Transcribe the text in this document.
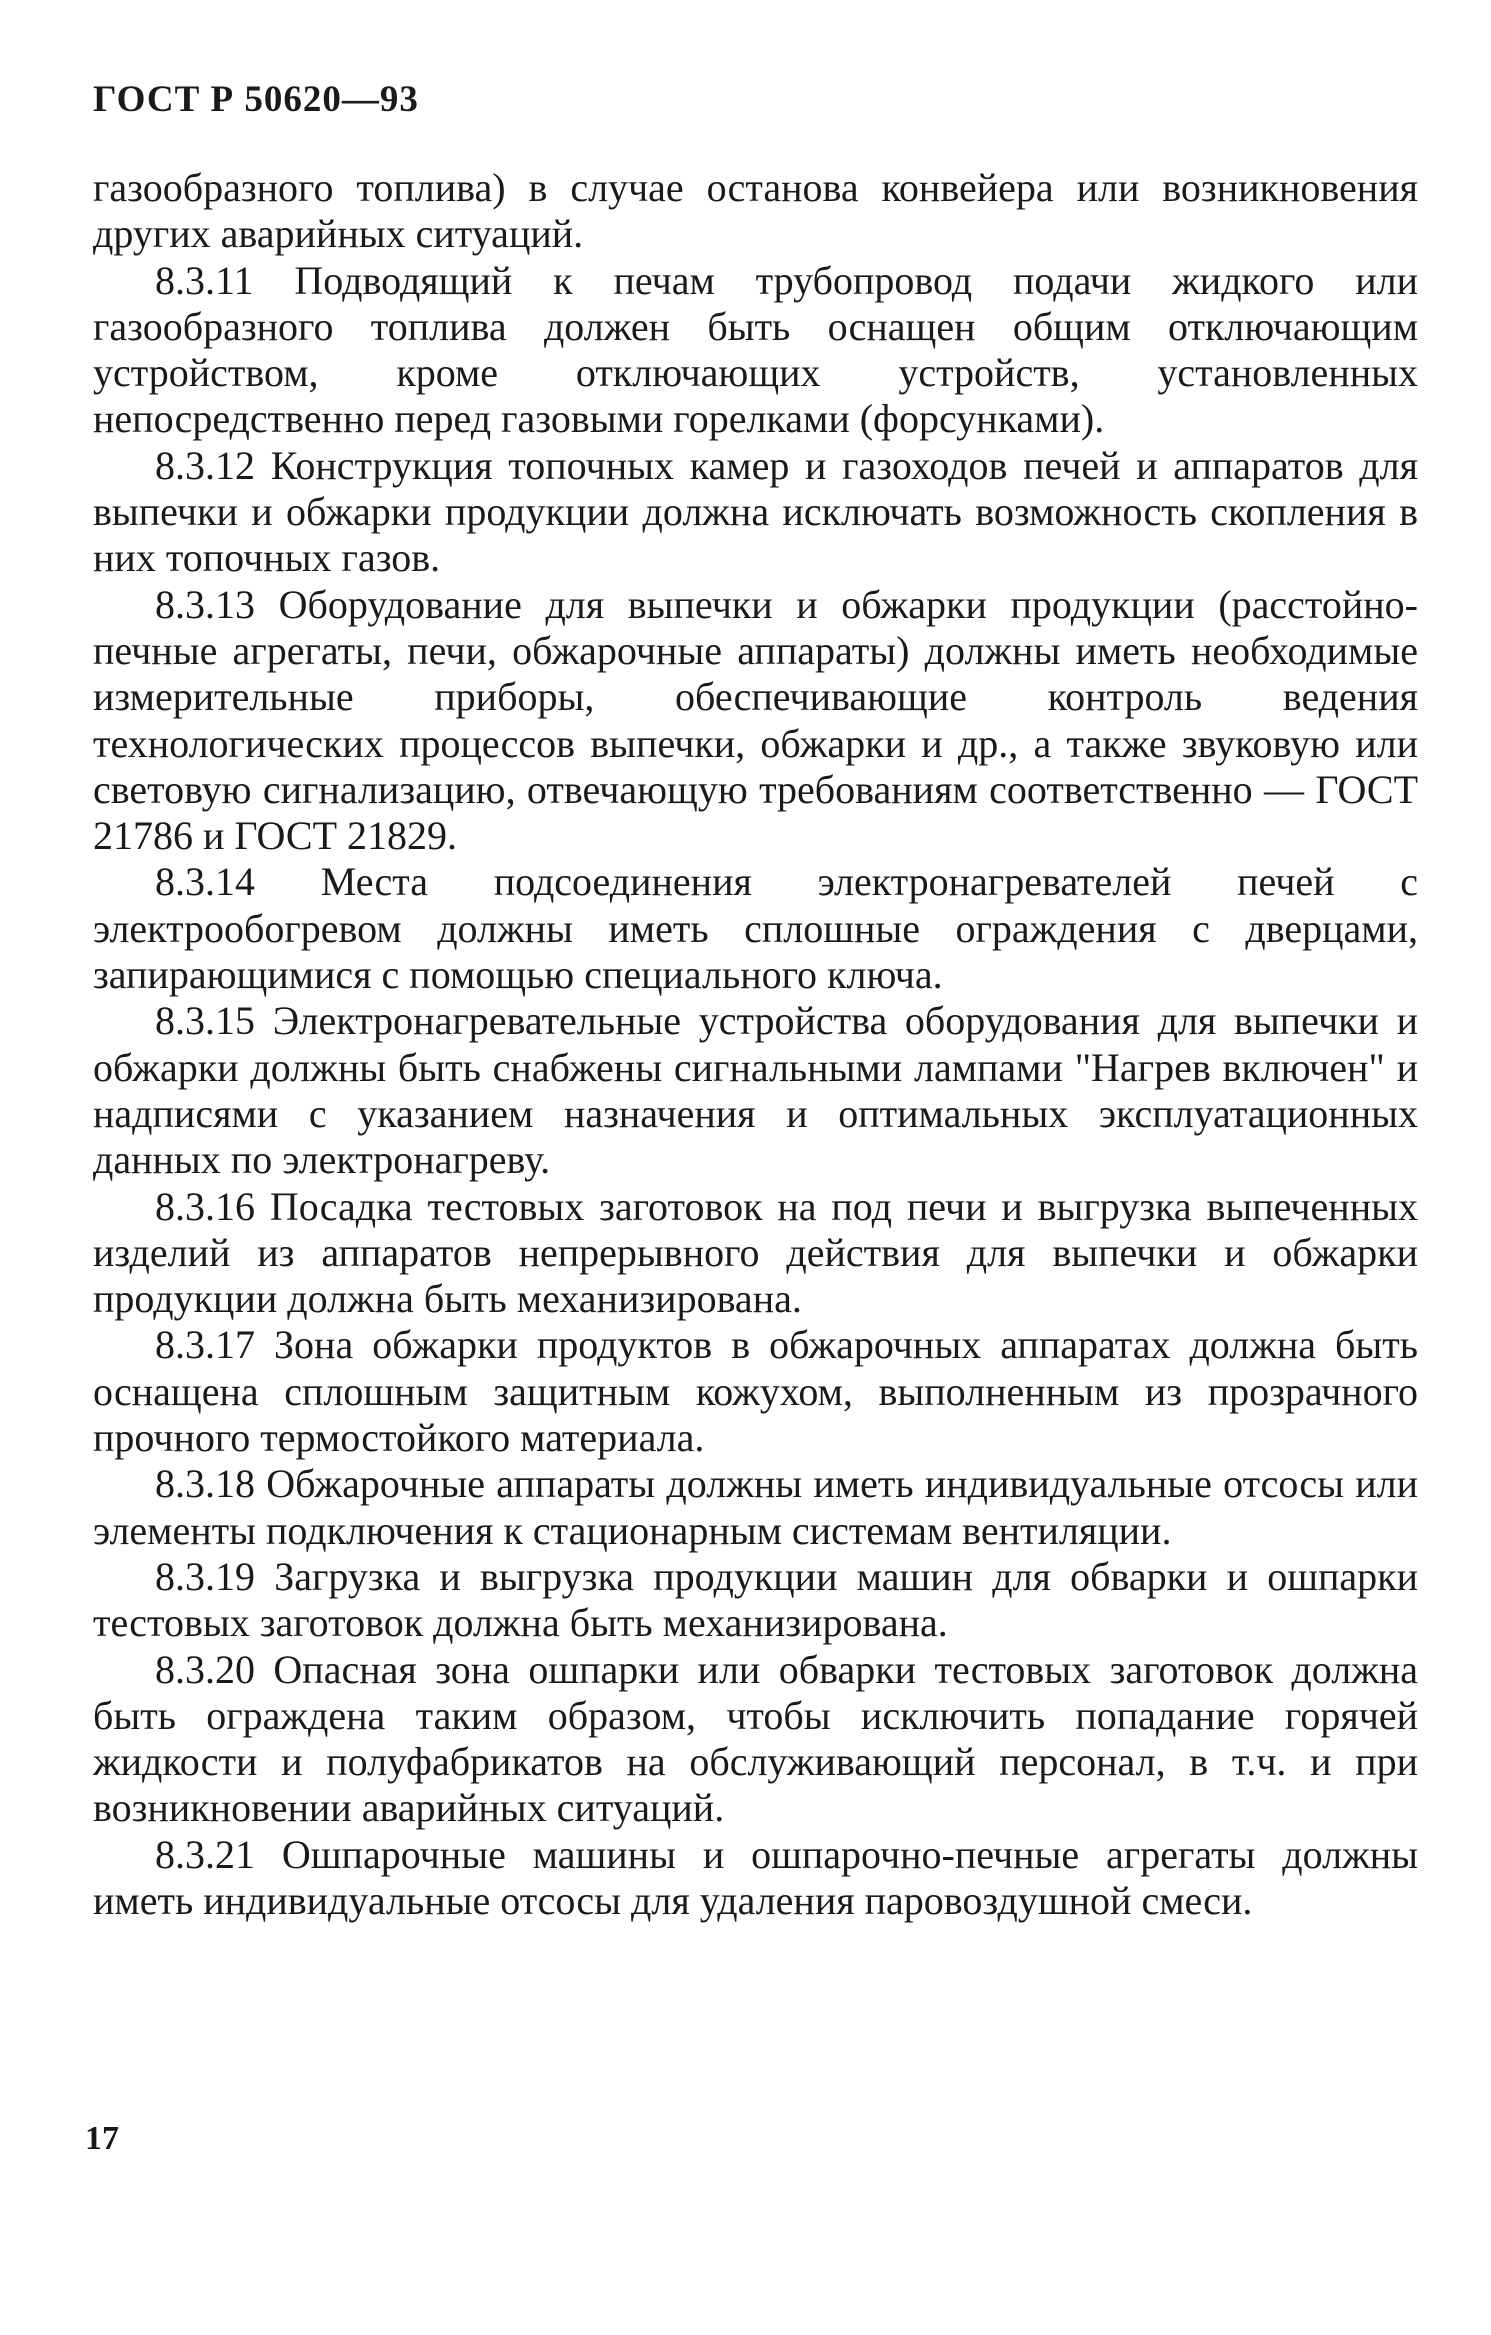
ГОСТ Р 50620—93

газообразного топлива) в случае останова конвейера или возникновения других аварийных ситуаций.

8.3.11 Подводящий к печам трубопровод подачи жидкого или газообразного топлива должен быть оснащен общим отключающим устройством, кроме отключающих устройств, установленных непосредственно перед газовыми горелками (форсунками).

8.3.12 Конструкция топочных камер и газоходов печей и аппаратов для выпечки и обжарки продукции должна исключать возможность скопления в них топочных газов.

8.3.13 Оборудование для выпечки и обжарки продукции (расстойно-печные агрегаты, печи, обжарочные аппараты) должны иметь необходимые измерительные приборы, обеспечивающие контроль ведения технологических процессов выпечки, обжарки и др., а также звуковую или световую сигнализацию, отвечающую требованиям соответственно — ГОСТ 21786 и ГОСТ 21829.

8.3.14 Места подсоединения электронагревателей печей с электрообогревом должны иметь сплошные ограждения с дверцами, запирающимися с помощью специального ключа.

8.3.15 Электронагревательные устройства оборудования для выпечки и обжарки должны быть снабжены сигнальными лампами "Нагрев включен" и надписями с указанием назначения и оптимальных эксплуатационных данных по электронагреву.

8.3.16 Посадка тестовых заготовок на под печи и выгрузка выпеченных изделий из аппаратов непрерывного действия для выпечки и обжарки продукции должна быть механизирована.

8.3.17 Зона обжарки продуктов в обжарочных аппаратах должна быть оснащена сплошным защитным кожухом, выполненным из прозрачного прочного термостойкого материала.

8.3.18 Обжарочные аппараты должны иметь индивидуальные отсосы или элементы подключения к стационарным системам вентиляции.

8.3.19 Загрузка и выгрузка продукции машин для обварки и ошпарки тестовых заготовок должна быть механизирована.

8.3.20 Опасная зона ошпарки или обварки тестовых заготовок должна быть ограждена таким образом, чтобы исключить попадание горячей жидкости и полуфабрикатов на обслуживающий персонал, в т.ч. и при возникновении аварийных ситуаций.

8.3.21 Ошпарочные машины и ошпарочно-печные агрегаты должны иметь индивидуальные отсосы для удаления паровоздушной смеси.

17
